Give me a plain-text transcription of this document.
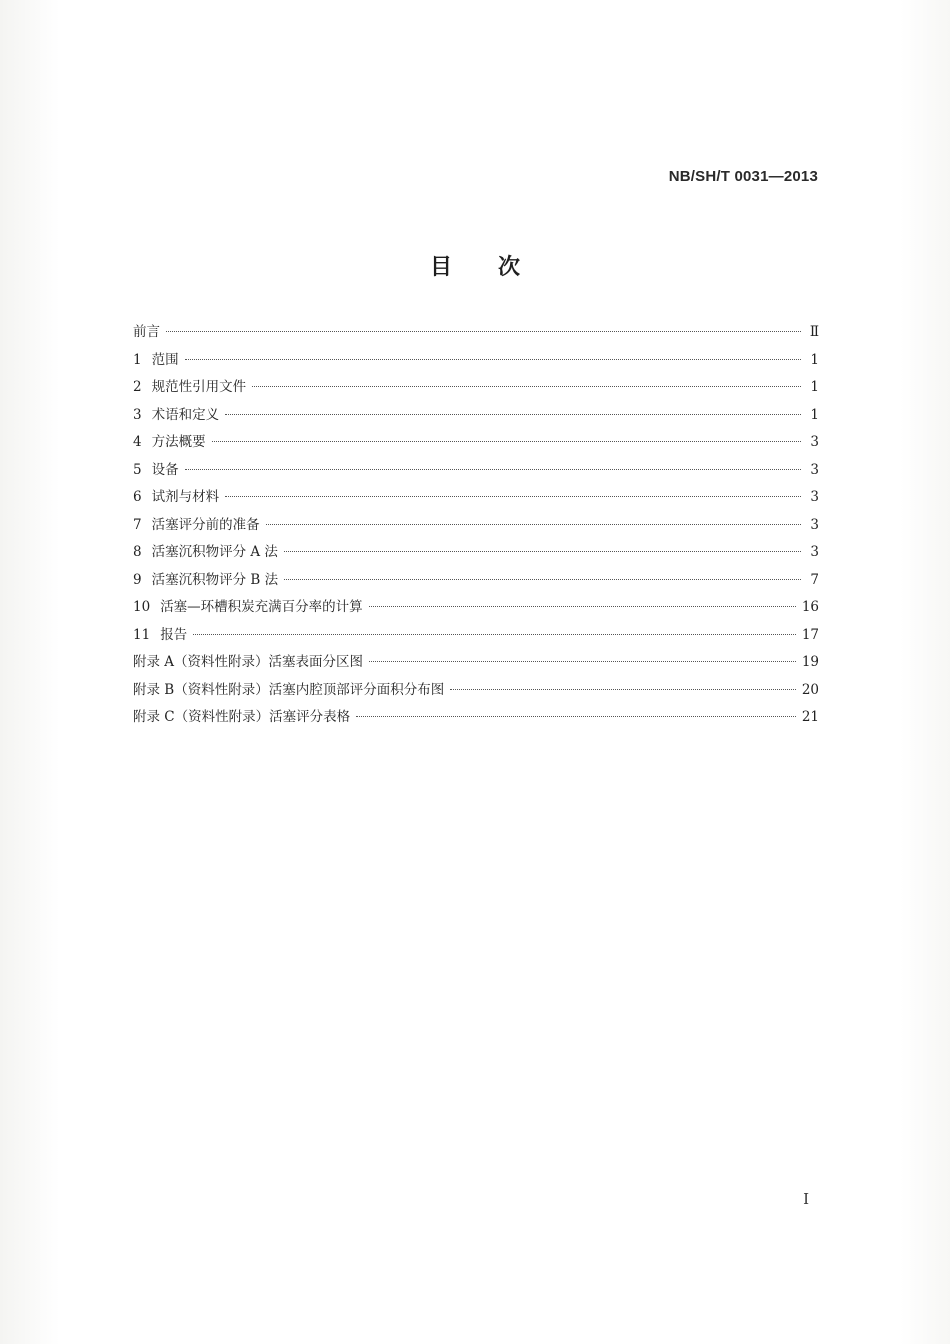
NB/SH/T 0031—2013
目次
前言	Ⅱ
1 范围	1
2 规范性引用文件	1
3 术语和定义	1
4 方法概要	3
5 设备	3
6 试剂与材料	3
7 活塞评分前的准备	3
8 活塞沉积物评分 A 法	3
9 活塞沉积物评分 B 法	7
10 活塞—环槽积炭充满百分率的计算	16
11 报告	17
附录 A（资料性附录）活塞表面分区图	19
附录 B（资料性附录）活塞内腔顶部评分面积分布图	20
附录 C（资料性附录）活塞评分表格	21
I
